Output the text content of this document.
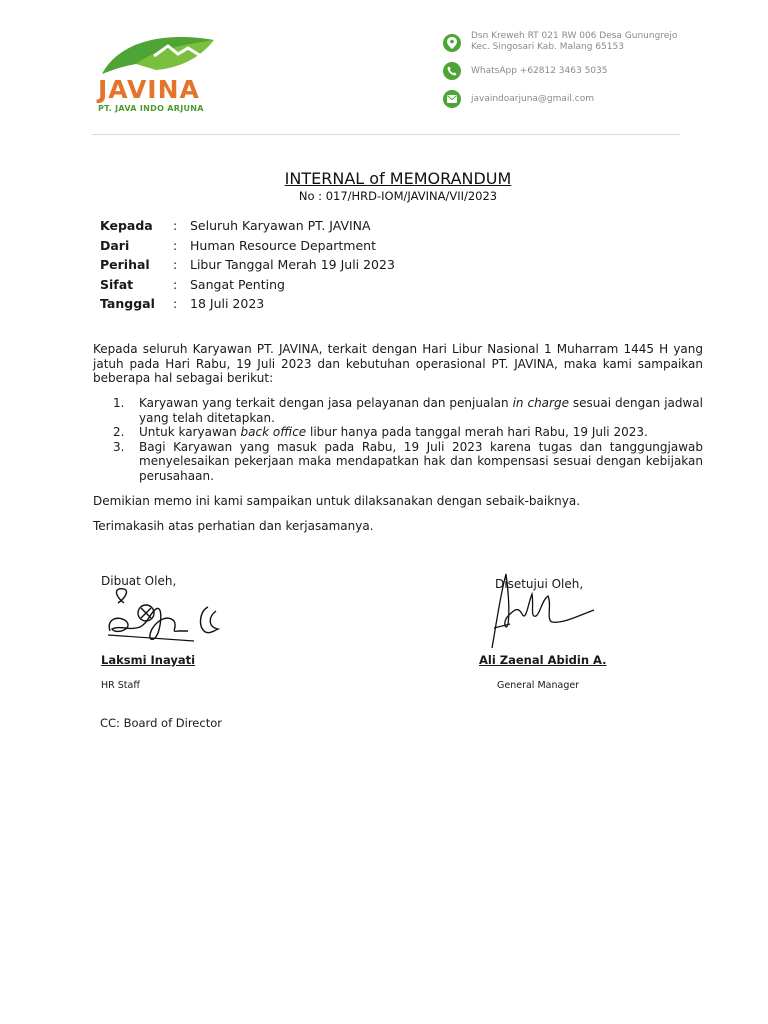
JAVINA
PT. JAVA INDO ARJUNA
Dsn Kreweh RT 021 RW 006 Desa Gunungrejo
Kec. Singosari Kab. Malang 65153
WhatsApp +62812 3463 5035
javaindoarjuna@gmail.com
INTERNAL of MEMORANDUM
No : 017/HRD-IOM/JAVINA/VII/2023
Kepada : Seluruh Karyawan PT. JAVINA
Dari	: Human Resource Department
Perihal : Libur Tanggal Merah 19 Juli 2023
Sifat	: Sangat Penting
Tanggal : 18 Juli 2023
Kepada seluruh Karyawan PT. JAVINA, terkait dengan Hari Libur Nasional 1 Muharram 1445 H yang jatuh pada Hari Rabu, 19 Juli 2023 dan kebutuhan operasional PT. JAVINA, maka kami sampaikan beberapa hal sebagai berikut:
1. Karyawan yang terkait dengan jasa pelayanan dan penjualan in charge sesuai dengan jadwal yang telah ditetapkan.
2. Untuk karyawan back office libur hanya pada tanggal merah hari Rabu, 19 Juli 2023.
3. Bagi Karyawan yang masuk pada Rabu, 19 Juli 2023 karena tugas dan tanggungjawab menyelesaikan pekerjaan maka mendapatkan hak dan kompensasi sesuai dengan kebijakan perusahaan.
Demikian memo ini kami sampaikan untuk dilaksanakan dengan sebaik-baiknya.
Terimakasih atas perhatian dan kerjasamanya.
Dibuat Oleh,
Laksmi Inayati
HR Staff
Disetujui Oleh,
Ali Zaenal Abidin A.
General Manager
CC: Board of Director
